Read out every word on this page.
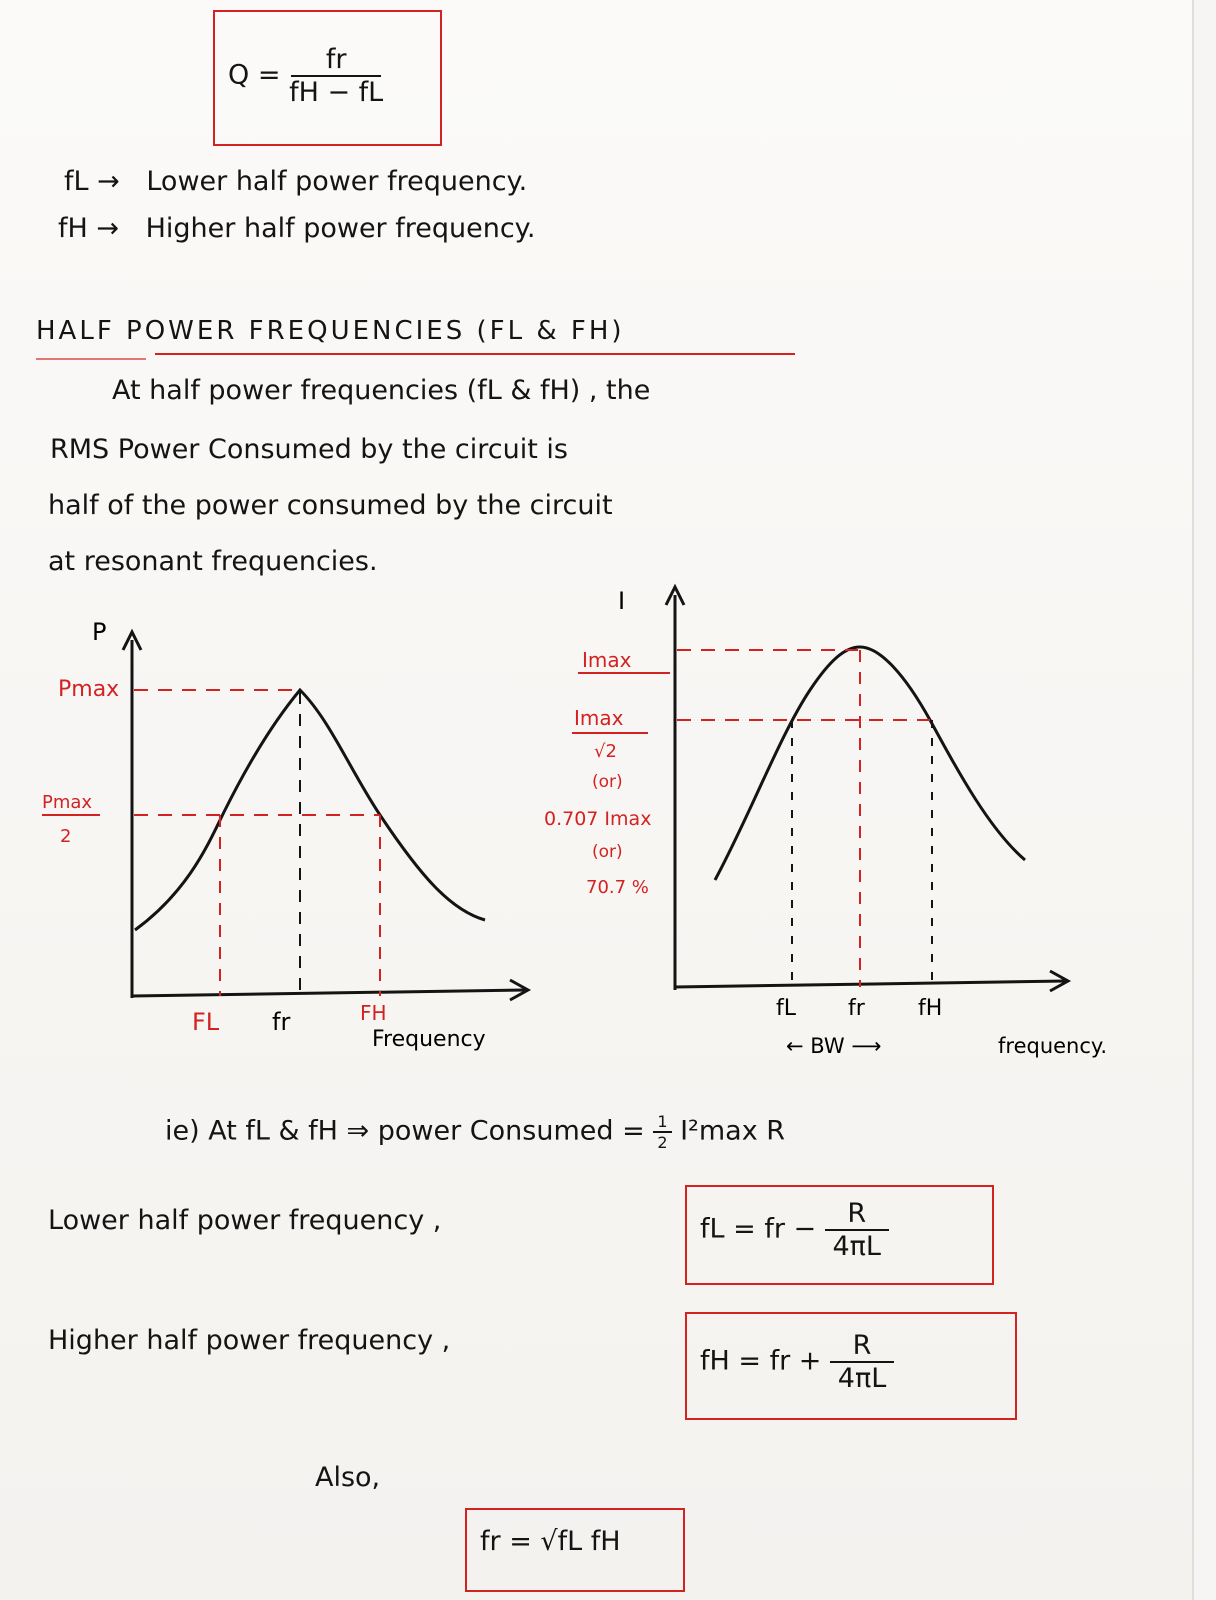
$Q = \frac{fr}{fH - fL}$
fL → Lower half power frequency.
fH → Higher half power frequency.
HALF POWER FREQUENCIES (FL & FH)
At half power frequencies (fL & fH) , the
RMS Power Consumed by the circuit is
half of the power consumed by the circuit
at resonant frequencies.
P
Pmax
Pmax
2
FL fr	FH
Frequency
I
Imax
Imax
√2
(or)
0.707 Imax
(or)
70.7 %
fL fr fH
← BW ⟶	frequency.
ie) At fL & fH ⇒ power Consumed = $\frac{1}{2} I^2\max$ R
Lower half power frequency ,	fL = fr − $\frac{R}{4\pi L}$
Higher half power frequency ,
fH = fr + $\frac{R}{4\pi L}$
Also,
fr = √fL fH
